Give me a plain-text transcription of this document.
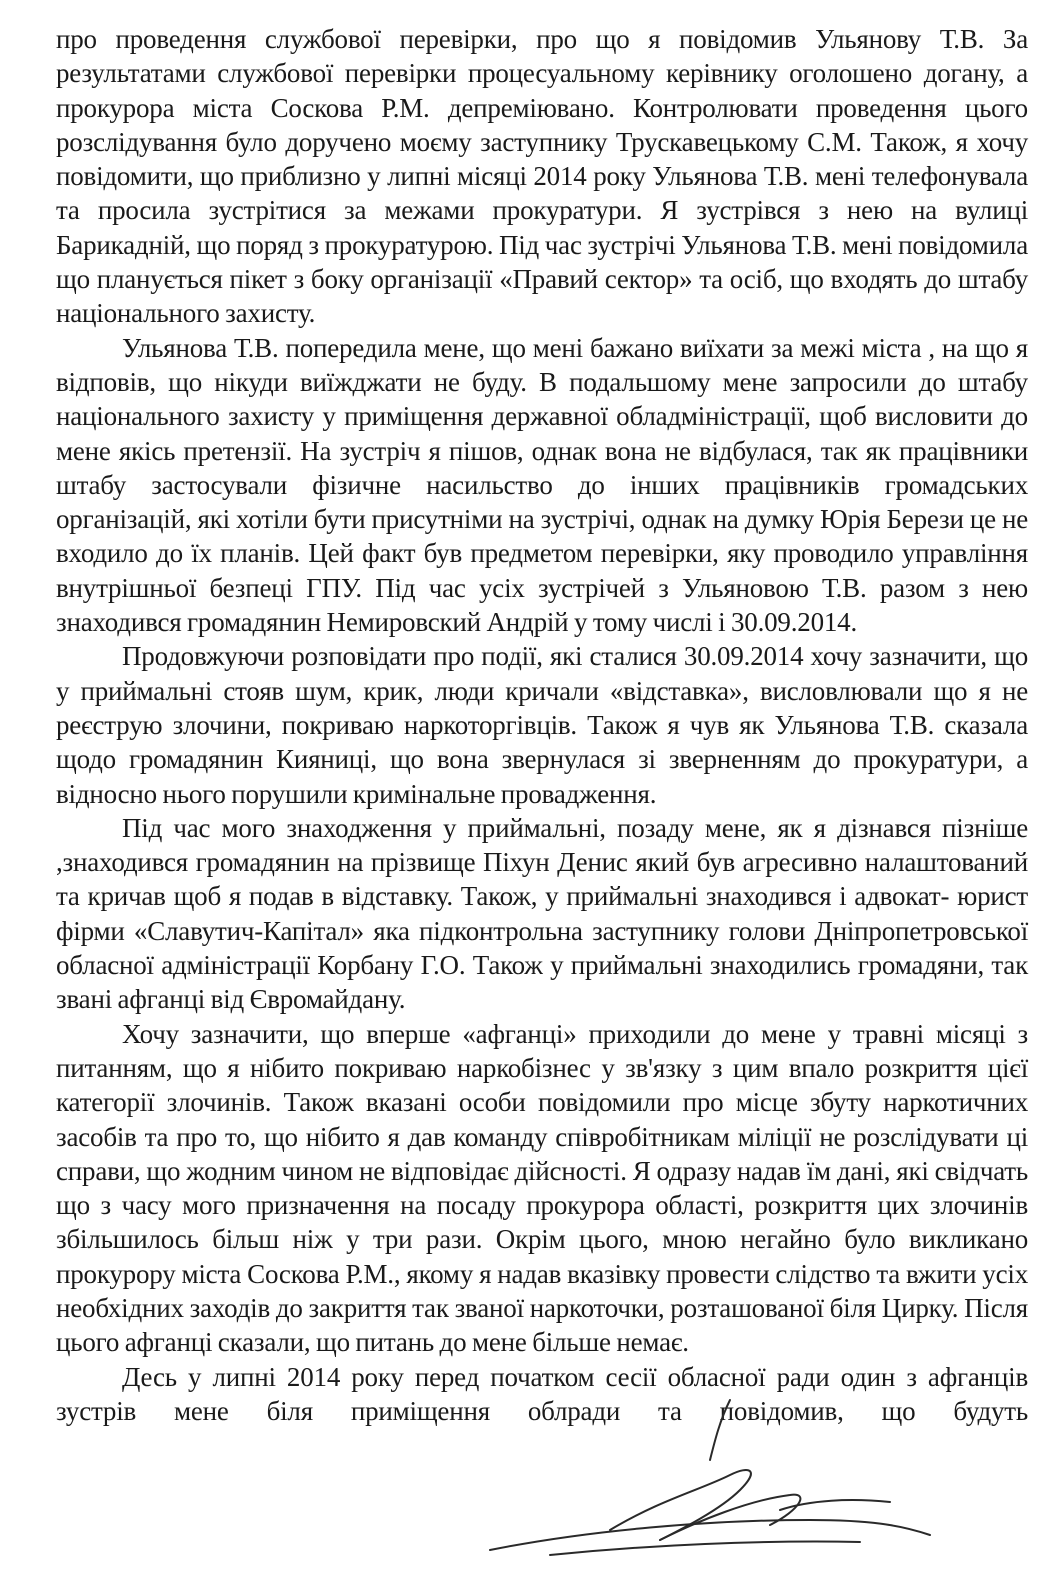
про проведення службової перевірки, про що я повідомив Ульянову Т.В. За результатами службової перевірки процесуальному керівнику оголошено догану, а прокурора міста Соскова Р.М. депреміювано. Контролювати проведення цього розслідування було доручено моєму заступнику Трускавецькому С.М. Також, я хочу повідомити, що приблизно у липні місяці 2014 року Ульянова Т.В. мені телефонувала та просила зустрітися за межами прокуратури. Я зустрівся з нею на вулиці Барикадній, що поряд з прокуратурою. Під час зустрічі Ульянова Т.В. мені повідомила що планується пікет з боку організації «Правий сектор» та осіб, що входять до штабу національного захисту.

Ульянова Т.В. попередила мене, що мені бажано виїхати за межі міста , на що я відповів, що нікуди виїжджати не буду. В подальшому мене запросили до штабу національного захисту у приміщення державної обладміністрації, щоб висловити до мене якісь претензії. На зустріч я пішов, однак вона не відбулася, так як працівники штабу застосували фізичне насильство до інших працівників громадських організацій, які хотіли бути присутніми на зустрічі, однак на думку Юрія Берези це не входило до їх планів. Цей факт був предметом перевірки, яку проводило управління внутрішньої безпеці ГПУ. Під час усіх зустрічей з Ульяновою Т.В. разом з нею знаходився громадянин Немировский Андрій у тому числі і 30.09.2014.

Продовжуючи розповідати про події, які сталися 30.09.2014 хочу зазначити, що у приймальні стояв шум, крик, люди кричали «відставка», висловлювали що я не реєструю злочини, покриваю наркоторгівців. Також я чув як Ульянова Т.В. сказала щодо громадянин Кияниці, що вона звернулася зі зверненням до прокуратури, а відносно нього порушили кримінальне провадження.

Під час мого знаходження у приймальні, позаду мене, як я дізнався пізніше ,знаходився громадянин на прізвище Піхун Денис який був агресивно налаштований та кричав щоб я подав в відставку. Також, у приймальні знаходився і адвокат- юрист фірми «Славутич-Капітал» яка підконтрольна заступнику голови Дніпропетровської обласної адміністрації Корбану Г.О. Також у приймальні знаходились громадяни, так звані афганці від Євромайдану.

Хочу зазначити, що вперше «афганці» приходили до мене у травні місяці з питанням, що я нібито покриваю наркобізнес у зв'язку з цим впало розкриття цієї категорії злочинів. Також вказані особи повідомили про місце збуту наркотичних засобів та про то, що нібито я дав команду співробітникам міліції не розслідувати ці справи, що жодним чином не відповідає дійсності. Я одразу надав їм дані, які свідчать що з часу мого призначення на посаду прокурора області, розкриття цих злочинів збільшилось більш ніж у три рази. Окрім цього, мною негайно було викликано прокурору міста Соскова Р.М., якому я надав вказівку провести слідство та вжити усіх необхідних заходів до закриття так званої наркоточки, розташованої біля Цирку. Після цього афганці сказали, що питань до мене більше немає.

Десь у липні 2014 року перед початком сесії обласної ради один з афганців зустрів мене біля приміщення облради та повідомив, що будуть
